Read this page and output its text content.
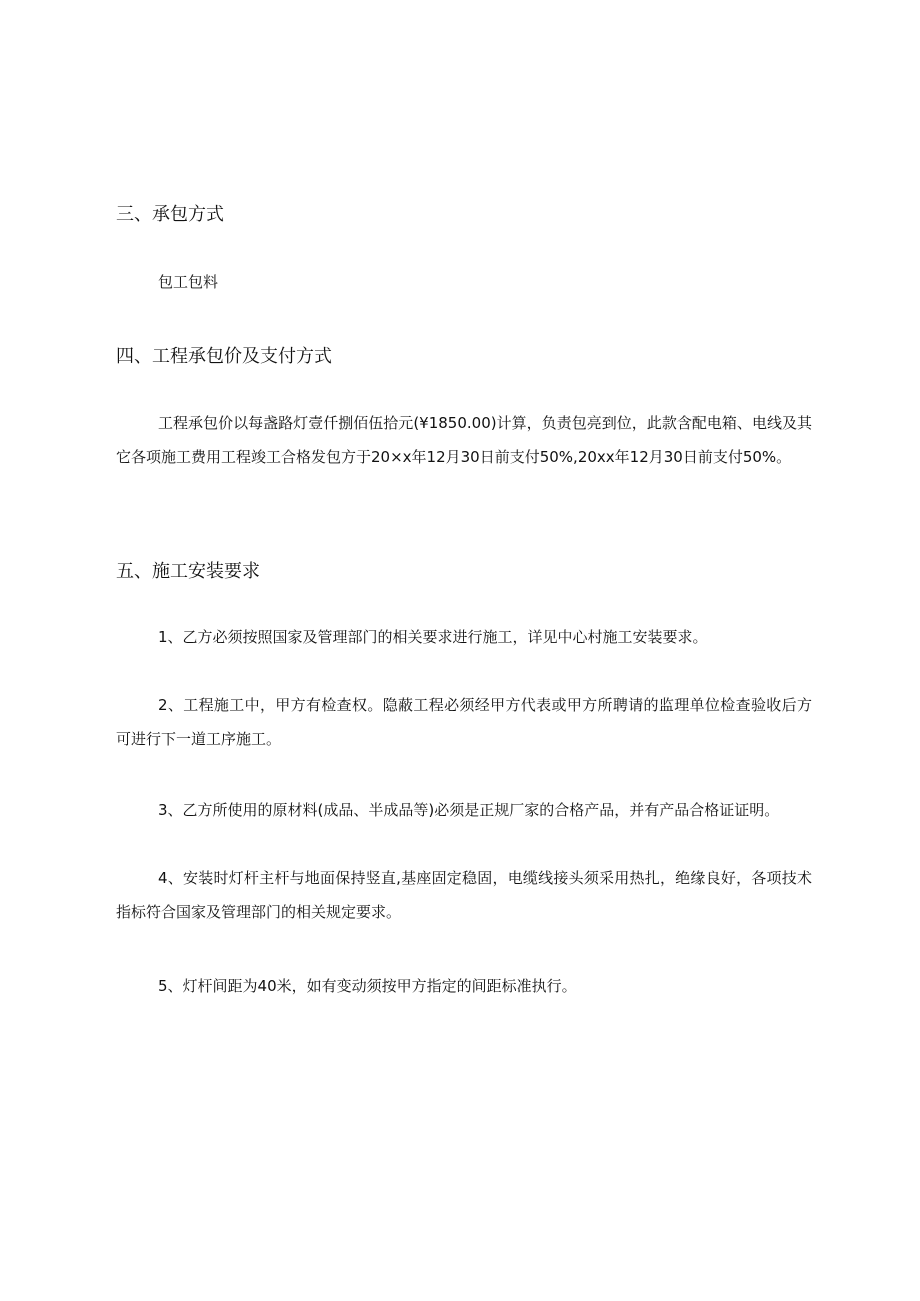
三、承包方式

包工包料

四、工程承包价及支付方式

工程承包价以每盏路灯壹仟捌佰伍拾元(¥1850.00)计算，负责包亮到位，此款含配电箱、电线及其它各项施工费用工程竣工合格发包方于20×x年12月30日前支付50%,20xx年12月30日前支付50%。

五、施工安装要求

1、乙方必须按照国家及管理部门的相关要求进行施工，详见中心村施工安装要求。

2、工程施工中，甲方有检查权。隐蔽工程必须经甲方代表或甲方所聘请的监理单位检查验收后方可进行下一道工序施工。

3、乙方所使用的原材料(成品、半成品等)必须是正规厂家的合格产品，并有产品合格证证明。

4、安装时灯杆主杆与地面保持竖直,基座固定稳固，电缆线接头须采用热扎，绝缘良好，各项技术指标符合国家及管理部门的相关规定要求。

5、灯杆间距为40米，如有变动须按甲方指定的间距标准执行。
